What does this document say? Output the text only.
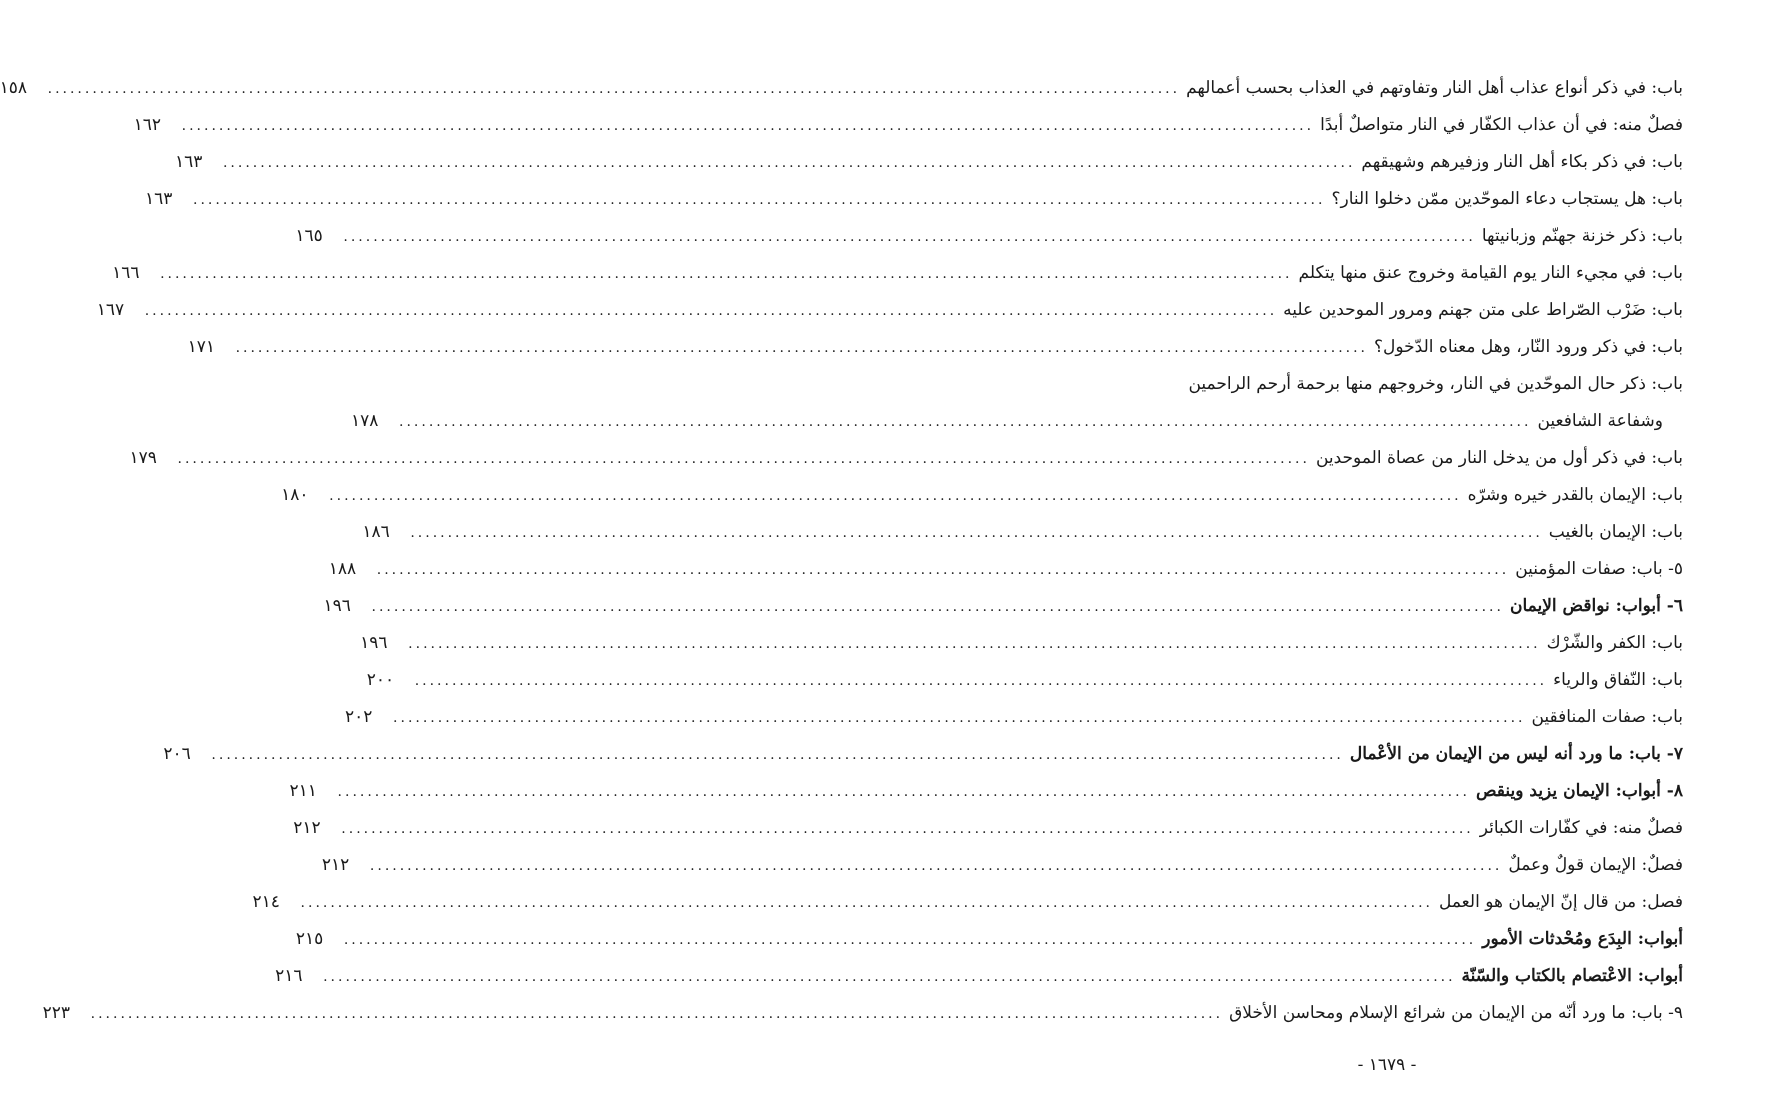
باب: في ذكر أنواع عذاب أهل النار وتفاوتهم في العذاب بحسب أعمالهم
.....
١٥٨
فصلٌ منه: في أن عذاب الكفّار في النار متواصلٌ أبدًا
.....
١٦٢
باب: في ذكر بكاء أهل النار وزفيرهم وشهيقهم
.....
١٦٣
باب: هل يستجاب دعاء الموحّدين ممّن دخلوا النار؟
.....
١٦٣
باب: ذكر خزنة جهنّم وزبانيتها
.....
١٦٥
باب: في مجيء النار يوم القيامة وخروج عنق منها يتكلم
.....
١٦٦
باب: ضَرْب الصّراط على متن جهنم ومرور الموحدين عليه
.....
١٦٧
باب: في ذكر ورود النّار، وهل معناه الدّخول؟
.....
١٧١
باب: ذكر حال الموحّدين في النار، وخروجهم منها برحمة أرحم الراحمين
وشفاعة الشافعين
.....
١٧٨
باب: في ذكر أول من يدخل النار من عصاة الموحدين
.....
١٧٩
باب: الإيمان بالقدر خيره وشرّه
.....
١٨٠
باب: الإيمان بالغيب
.....
١٨٦
٥- باب: صفات المؤمنين
.....
١٨٨
٦- أبواب: نواقض الإيمان
.....
١٩٦
باب: الكفر والشّرْك
.....
١٩٦
باب: النّفاق والرياء
.....
٢٠٠
باب: صفات المنافقين
.....
٢٠٢
٧- باب: ما ورد أنه ليس من الإيمان من الأعْمال
.....
٢٠٦
٨- أبواب: الإيمان يزيد وينقص
.....
٢١١
فصلٌ منه: في كفّارات الكبائر
.....
٢١٢
فصلٌ: الإيمان قولٌ وعملٌ
.....
٢١٢
فصل: من قال إنّ الإيمان هو العمل
.....
٢١٤
أبواب: البِدَع ومُحْدثات الأمور
.....
٢١٥
أبواب: الاعْتصام بالكتاب والسّنّة
.....
٢١٦
٩- باب: ما ورد أنّه من الإيمان من شرائع الإسلام ومحاسن الأخلاق
.....
٢٢٣
- ١٦٧٩ -
